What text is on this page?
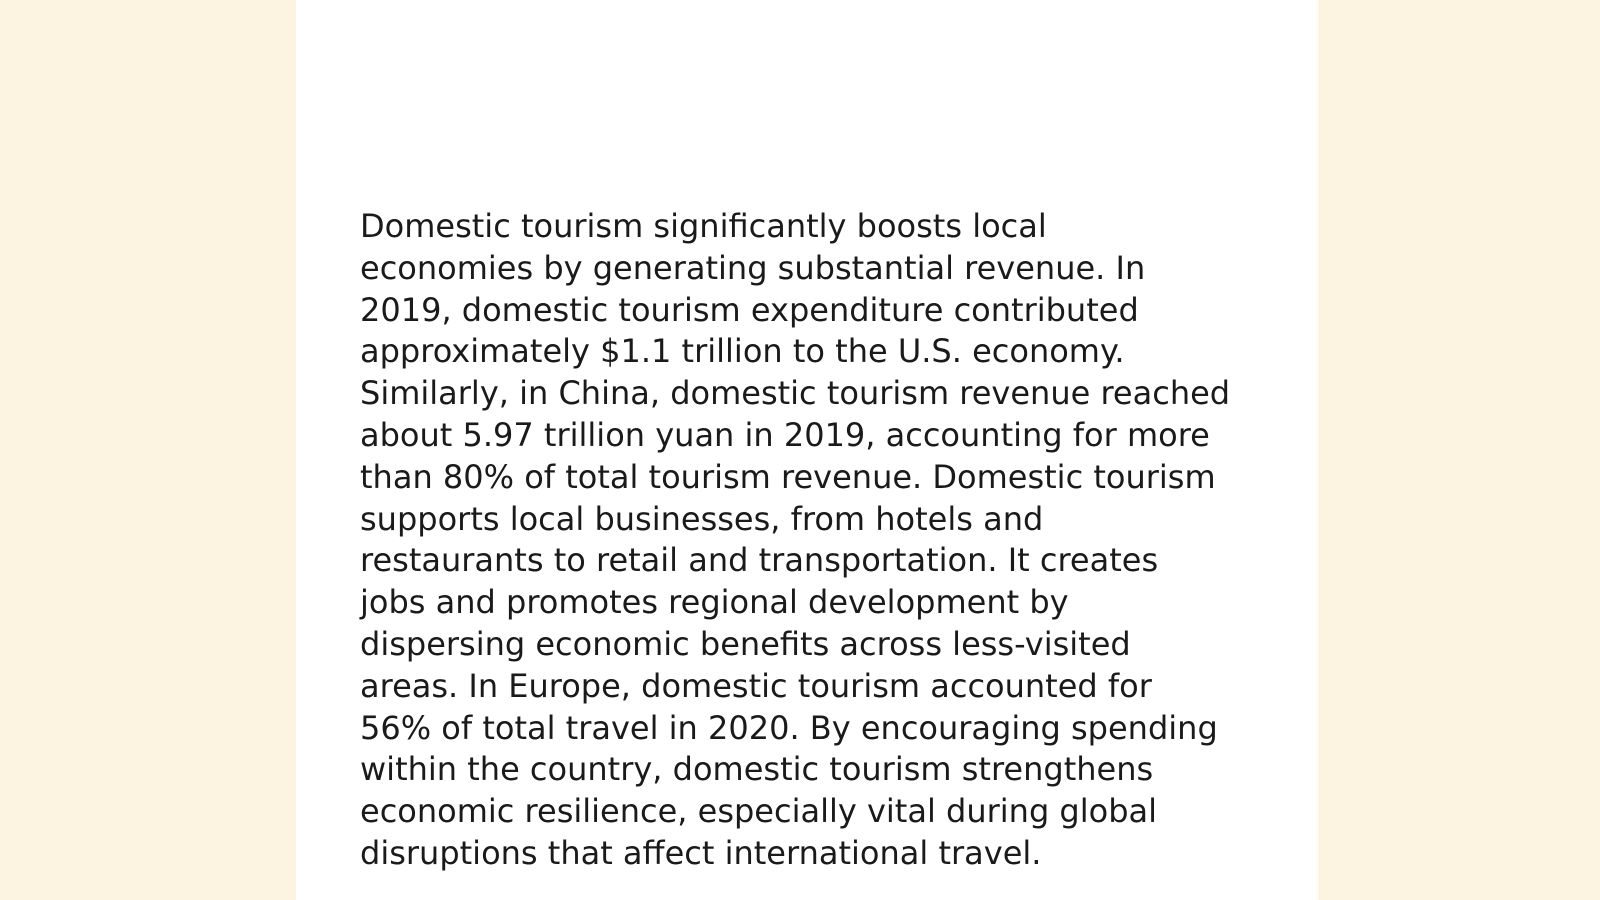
Domestic tourism significantly boosts local
economies by generating substantial revenue. In
2019, domestic tourism expenditure contributed
approximately $1.1 trillion to the U.S. economy.
Similarly, in China, domestic tourism revenue reached
about 5.97 trillion yuan in 2019, accounting for more
than 80% of total tourism revenue. Domestic tourism
supports local businesses, from hotels and
restaurants to retail and transportation. It creates
jobs and promotes regional development by
dispersing economic benefits across less-visited
areas. In Europe, domestic tourism accounted for
56% of total travel in 2020. By encouraging spending
within the country, domestic tourism strengthens
economic resilience, especially vital during global
disruptions that affect international travel.
